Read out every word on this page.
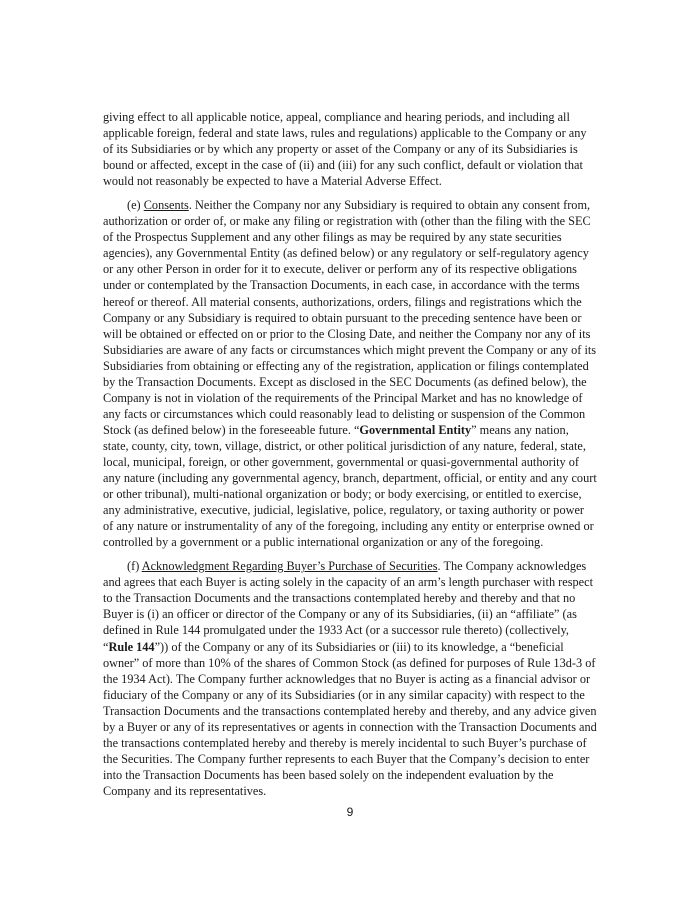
giving effect to all applicable notice, appeal, compliance and hearing periods, and including all applicable foreign, federal and state laws, rules and regulations) applicable to the Company or any of its Subsidiaries or by which any property or asset of the Company or any of its Subsidiaries is bound or affected, except in the case of (ii) and (iii) for any such conflict, default or violation that would not reasonably be expected to have a Material Adverse Effect.

(e) Consents. Neither the Company nor any Subsidiary is required to obtain any consent from, authorization or order of, or make any filing or registration with (other than the filing with the SEC of the Prospectus Supplement and any other filings as may be required by any state securities agencies), any Governmental Entity (as defined below) or any regulatory or self-regulatory agency or any other Person in order for it to execute, deliver or perform any of its respective obligations under or contemplated by the Transaction Documents, in each case, in accordance with the terms hereof or thereof. All material consents, authorizations, orders, filings and registrations which the Company or any Subsidiary is required to obtain pursuant to the preceding sentence have been or will be obtained or effected on or prior to the Closing Date, and neither the Company nor any of its Subsidiaries are aware of any facts or circumstances which might prevent the Company or any of its Subsidiaries from obtaining or effecting any of the registration, application or filings contemplated by the Transaction Documents. Except as disclosed in the SEC Documents (as defined below), the Company is not in violation of the requirements of the Principal Market and has no knowledge of any facts or circumstances which could reasonably lead to delisting or suspension of the Common Stock (as defined below) in the foreseeable future. “Governmental Entity” means any nation, state, county, city, town, village, district, or other political jurisdiction of any nature, federal, state, local, municipal, foreign, or other government, governmental or quasi-governmental authority of any nature (including any governmental agency, branch, department, official, or entity and any court or other tribunal), multi-national organization or body; or body exercising, or entitled to exercise, any administrative, executive, judicial, legislative, police, regulatory, or taxing authority or power of any nature or instrumentality of any of the foregoing, including any entity or enterprise owned or controlled by a government or a public international organization or any of the foregoing.

(f) Acknowledgment Regarding Buyer’s Purchase of Securities. The Company acknowledges and agrees that each Buyer is acting solely in the capacity of an arm’s length purchaser with respect to the Transaction Documents and the transactions contemplated hereby and thereby and that no Buyer is (i) an officer or director of the Company or any of its Subsidiaries, (ii) an “affiliate” (as defined in Rule 144 promulgated under the 1933 Act (or a successor rule thereto) (collectively, “Rule 144”)) of the Company or any of its Subsidiaries or (iii) to its knowledge, a “beneficial owner” of more than 10% of the shares of Common Stock (as defined for purposes of Rule 13d-3 of the 1934 Act). The Company further acknowledges that no Buyer is acting as a financial advisor or fiduciary of the Company or any of its Subsidiaries (or in any similar capacity) with respect to the Transaction Documents and the transactions contemplated hereby and thereby, and any advice given by a Buyer or any of its representatives or agents in connection with the Transaction Documents and the transactions contemplated hereby and thereby is merely incidental to such Buyer’s purchase of the Securities. The Company further represents to each Buyer that the Company’s decision to enter into the Transaction Documents has been based solely on the independent evaluation by the Company and its representatives.

9
